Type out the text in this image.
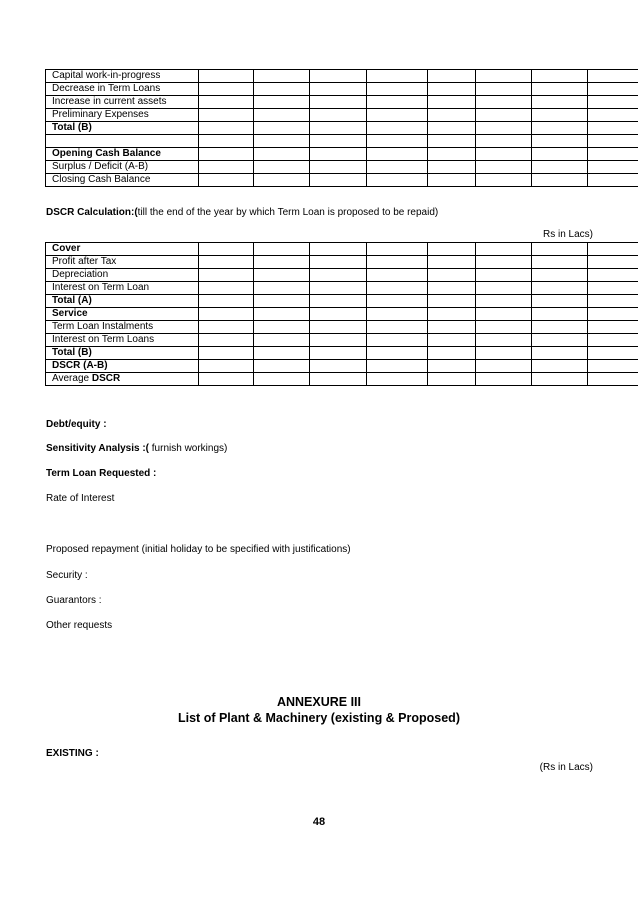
Capital work-in-progress								
Decrease in Term Loans								
Increase in current assets								
Preliminary Expenses								
Total (B)								

Opening Cash Balance								
Surplus / Deficit (A-B)								
Closing Cash Balance								
DSCR Calculation:(till the end of the year by which Term Loan is proposed to be repaid)
Rs in Lacs)
Cover								
Profit after Tax								
Depreciation								
Interest on Term Loan								
Total (A)								
Service								
Term Loan Instalments								
Interest on Term Loans								
Total (B)								
DSCR (A-B)								
Average DSCR								
Debt/equity :
Sensitivity Analysis :( furnish workings)
Term Loan Requested :
Rate of Interest
Proposed repayment (initial holiday to be specified with justifications)
Security :
Guarantors :
Other requests
ANNEXURE III
List of Plant & Machinery (existing & Proposed)
EXISTING :
(Rs in Lacs)
48
